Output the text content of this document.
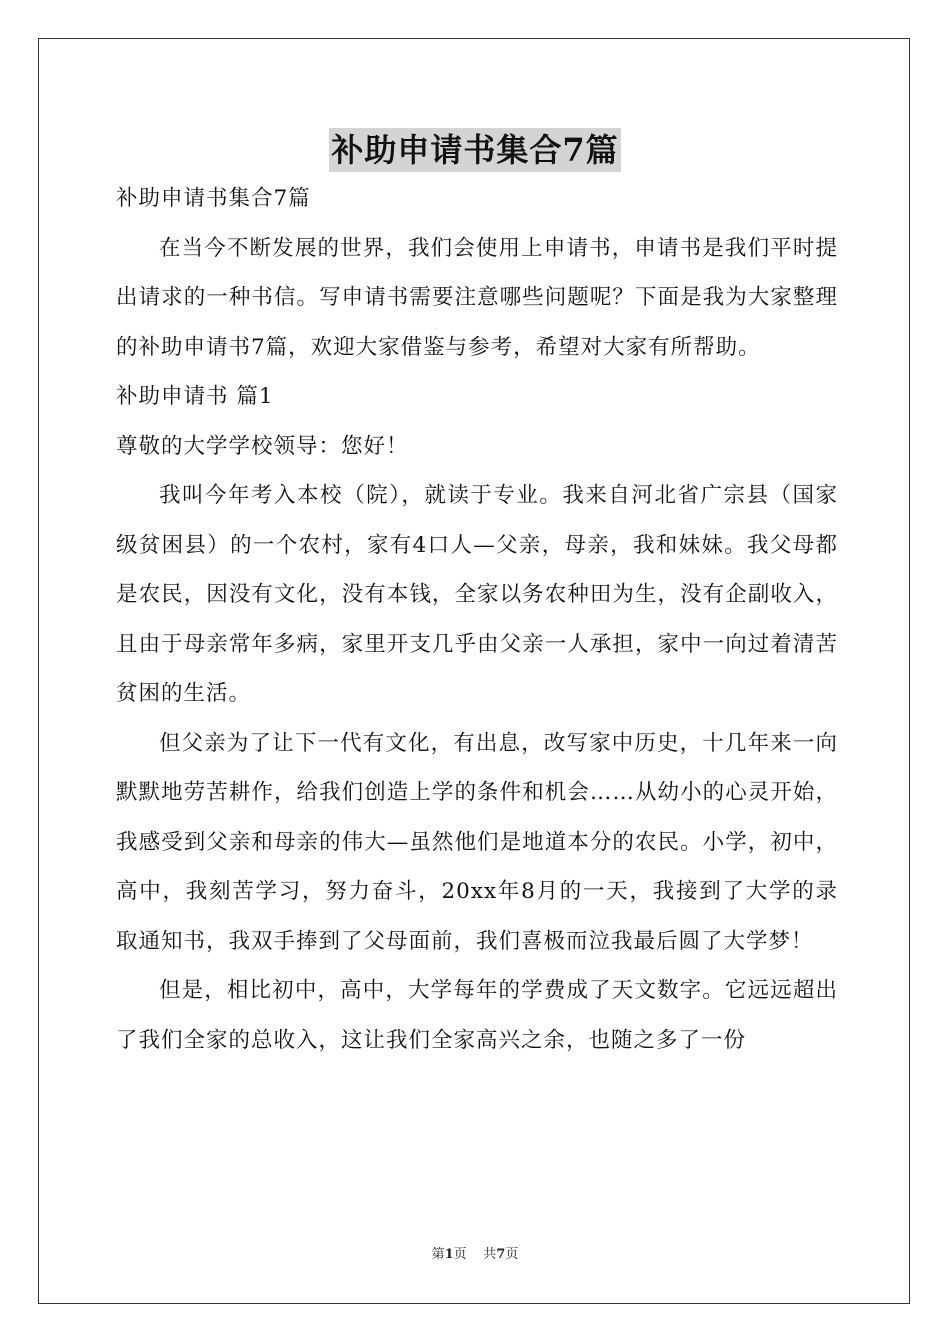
补助申请书集合7篇

补助申请书集合7篇

在当今不断发展的世界，我们会使用上申请书，申请书是我们平时提出请求的一种书信。写申请书需要注意哪些问题呢？下面是我为大家整理的补助申请书7篇，欢迎大家借鉴与参考，希望对大家有所帮助。

补助申请书 篇1

尊敬的大学学校领导：您好！

我叫今年考入本校（院），就读于专业。我来自河北省广宗县（国家级贫困县）的一个农村，家有4口人—父亲，母亲，我和妹妹。我父母都是农民，因没有文化，没有本钱，全家以务农种田为生，没有企副收入，且由于母亲常年多病，家里开支几乎由父亲一人承担，家中一向过着清苦贫困的生活。

但父亲为了让下一代有文化，有出息，改写家中历史，十几年来一向默默地劳苦耕作，给我们创造上学的条件和机会……从幼小的心灵开始，我感受到父亲和母亲的伟大—虽然他们是地道本分的农民。小学，初中，高中，我刻苦学习，努力奋斗，20xx年8月的一天，我接到了大学的录取通知书，我双手捧到了父母面前，我们喜极而泣我最后圆了大学梦！

但是，相比初中，高中，大学每年的学费成了天文数字。它远远超出了我们全家的总收入，这让我们全家高兴之余，也随之多了一份

第1页 共7页
